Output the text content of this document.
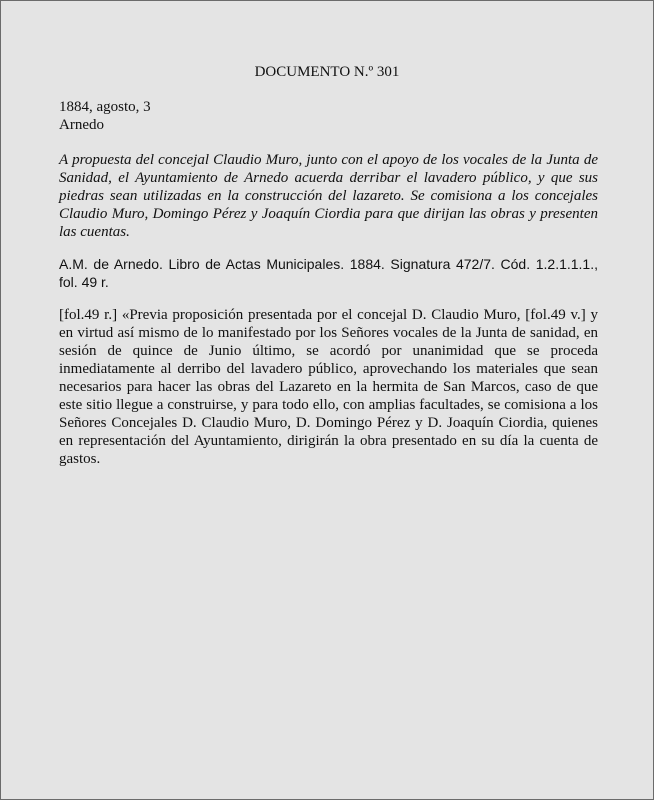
DOCUMENTO N.º 301
1884, agosto, 3
Arnedo
A propuesta del concejal Claudio Muro, junto con el apoyo de los vocales de la Junta de Sanidad, el Ayuntamiento de Arnedo acuerda derribar el lavadero público, y que sus piedras sean utilizadas en la construcción del lazareto. Se comisiona a los concejales Claudio Muro, Domingo Pérez y Joaquín Ciordia para que dirijan las obras y presenten las cuentas.
A.M. de Arnedo. Libro de Actas Municipales. 1884. Signatura 472/7. Cód. 1.2.1.1.1., fol. 49 r.
[fol.49 r.] «Previa proposición presentada por el concejal D. Claudio Muro, [fol.49 v.] y en virtud así mismo de lo manifestado por los Señores vocales de la Junta de sanidad, en sesión de quince de Junio último, se acordó por unanimidad que se proceda inmediatamente al derribo del lavadero público, aprovechando los materiales que sean necesarios para hacer las obras del Lazareto en la hermita de San Marcos, caso de que este sitio llegue a construirse, y para todo ello, con amplias facultades, se comisiona a los Señores Concejales D. Claudio Muro, D. Domingo Pérez y D. Joaquín Ciordia, quienes en representación del Ayuntamiento, dirigirán la obra presentado en su día la cuenta de gastos.
